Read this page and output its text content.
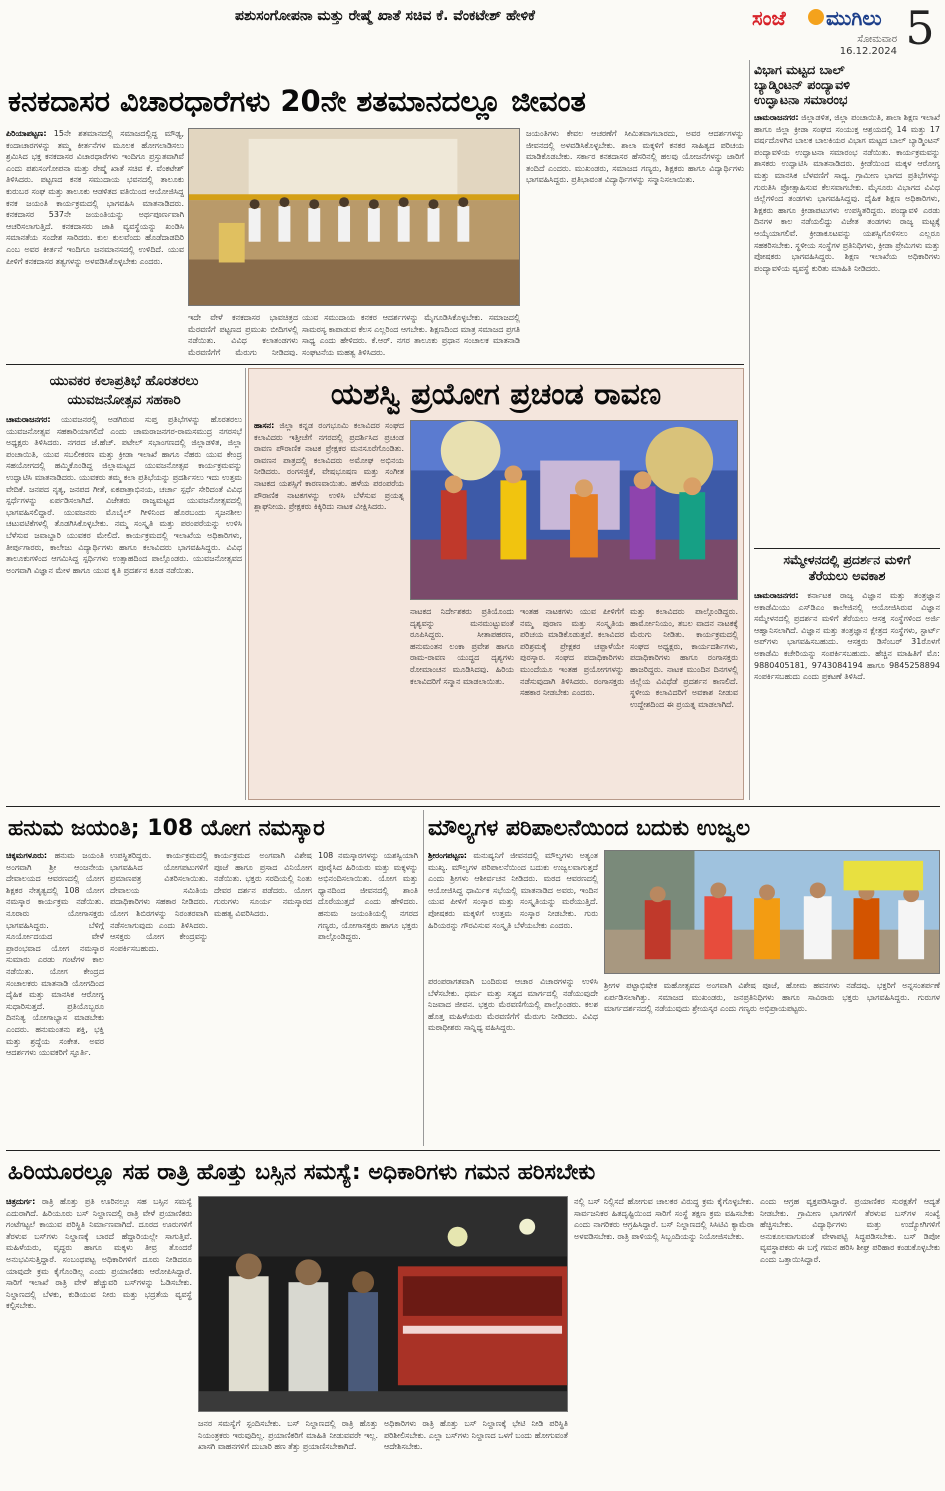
ಪಶುಸಂಗೋಪನಾ ಮತ್ತು ರೇಷ್ಮೆ ಖಾತೆ ಸಚಿವ ಕೆ. ವೆಂಕಟೇಶ್ ಹೇಳಿಕೆ	ಸಂಜೆ ಮುಗಿಲು
ಸೋಮವಾರ
16.12.2024 5
ಕನಕದಾಸರ ವಿಚಾರಧಾರೆಗಳು 20ನೇ ಶತಮಾನದಲ್ಲೂ ಜೀವಂತ
ಪಿರಿಯಾಪಟ್ಟಣ: 15ನೇ ಶತಮಾನದಲ್ಲಿ ಸಮಾಜದಲ್ಲಿದ್ದ ಮೌಢ್ಯ, ಕಂದಾಚಾರಗಳನ್ನು ತಮ್ಮ ಕೀರ್ತನೆಗಳ ಮೂಲಕ ಹೋಗಲಾಡಿಸಲು ಶ್ರಮಿಸಿದ ಭಕ್ತ ಕನಕದಾಸರ ವಿಚಾರಧಾರೆಗಳು ಇಂದಿಗೂ ಪ್ರಸ್ತುತವಾಗಿವೆ ಎಂದು ಪಶುಸಂಗೋಪನಾ ಮತ್ತು ರೇಷ್ಮೆ ಖಾತೆ ಸಚಿವ ಕೆ. ವೆಂಕಟೇಶ್ ತಿಳಿಸಿದರು. ಪಟ್ಟಣದ ಕನಕ ಸಮುದಾಯ ಭವನದಲ್ಲಿ ತಾಲೂಕು ಕುರುಬರ ಸಂಘ ಮತ್ತು ತಾಲೂಕು ಆಡಳಿತದ ವತಿಯಿಂದ ಆಯೋಜಿಸಿದ್ದ ಕನಕ ಜಯಂತಿ ಕಾರ್ಯಕ್ರಮದಲ್ಲಿ ಭಾಗವಹಿಸಿ ಮಾತನಾಡಿದರು. ಕನಕದಾಸರ 537ನೇ ಜಯಂತಿಯನ್ನು ಅರ್ಥಪೂರ್ಣವಾಗಿ ಆಚರಿಸಲಾಗುತ್ತಿದೆ. ಕನಕದಾಸರು ಜಾತಿ ವ್ಯವಸ್ಥೆಯನ್ನು ಖಂಡಿಸಿ ಸಮಾನತೆಯ ಸಂದೇಶ ಸಾರಿದರು. ಕುಲ ಕುಲವೆಂದು ಹೊಡೆದಾಡದಿರಿ ಎಂಬ ಅವರ ಕೀರ್ತನೆ ಇಂದಿಗೂ ಜನಮಾನಸದಲ್ಲಿ ಉಳಿದಿದೆ. ಯುವ ಪೀಳಿಗೆ ಕನಕದಾಸರ ತತ್ವಗಳನ್ನು ಅಳವಡಿಸಿಕೊಳ್ಳಬೇಕು ಎಂದರು.
ಇದೇ ವೇಳೆ ಕನಕದಾಸರ ಭಾವಚಿತ್ರದ ಮೆರವಣಿಗೆ ಪಟ್ಟಣದ ಪ್ರಮುಖ ಬೀದಿಗಳಲ್ಲಿ ನಡೆಯಿತು. ವಿವಿಧ ಕಲಾತಂಡಗಳು ಮೆರವಣಿಗೆಗೆ ಮೆರುಗು ನೀಡಿದವು.
ಯುವ ಸಮುದಾಯ ಕನಕರ ಆದರ್ಶಗಳನ್ನು ಮೈಗೂಡಿಸಿಕೊಳ್ಳಬೇಕು. ಸಮಾಜದಲ್ಲಿ ಸಾಮರಸ್ಯ ಕಾಪಾಡುವ ಕೆಲಸ ಎಲ್ಲರಿಂದ ಆಗಬೇಕು. ಶಿಕ್ಷಣದಿಂದ ಮಾತ್ರ ಸಮಾಜದ ಪ್ರಗತಿ ಸಾಧ್ಯ ಎಂದು ಹೇಳಿದರು. ಕೆ.ಆರ್. ನಗರ ತಾಲೂಕು ಪ್ರಧಾನ ಸಂಚಾಲಕ ಮಾತನಾಡಿ ಸಂಘಟನೆಯ ಮಹತ್ವ ತಿಳಿಸಿದರು.
ಜಯಂತಿಗಳು ಕೇವಲ ಆಚರಣೆಗೆ ಸೀಮಿತವಾಗಬಾರದು, ಅವರ ಆದರ್ಶಗಳನ್ನು ಜೀವನದಲ್ಲಿ ಅಳವಡಿಸಿಕೊಳ್ಳಬೇಕು. ಶಾಲಾ ಮಕ್ಕಳಿಗೆ ಕನಕರ ಸಾಹಿತ್ಯದ ಪರಿಚಯ ಮಾಡಿಕೊಡಬೇಕು. ಸರ್ಕಾರ ಕನಕದಾಸರ ಹೆಸರಿನಲ್ಲಿ ಹಲವು ಯೋಜನೆಗಳನ್ನು ಜಾರಿಗೆ ತಂದಿದೆ ಎಂದರು. ಮುಖಂಡರು, ಸಮಾಜದ ಗಣ್ಯರು, ಶಿಕ್ಷಕರು ಹಾಗೂ ವಿದ್ಯಾರ್ಥಿಗಳು ಭಾಗವಹಿಸಿದ್ದರು. ಪ್ರತಿಭಾವಂತ ವಿದ್ಯಾರ್ಥಿಗಳನ್ನು ಸನ್ಮಾನಿಸಲಾಯಿತು.
ವಿಭಾಗ ಮಟ್ಟದ ಬಾಲ್
ಬ್ಯಾಡ್ಮಿಂಟನ್ ಪಂದ್ಯಾವಳಿ
ಉದ್ಘಾಟನಾ ಸಮಾರಂಭ
ಚಾಮರಾಜನಗರ: ಜಿಲ್ಲಾಡಳಿತ, ಜಿಲ್ಲಾ ಪಂಚಾಯಿತಿ, ಶಾಲಾ ಶಿಕ್ಷಣ ಇಲಾಖೆ ಹಾಗೂ ಜಿಲ್ಲಾ ಕ್ರೀಡಾ ಸಂಘದ ಸಂಯುಕ್ತ ಆಶ್ರಯದಲ್ಲಿ 14 ಮತ್ತು 17 ವರ್ಷದೊಳಗಿನ ಬಾಲಕ ಬಾಲಕಿಯರ ವಿಭಾಗ ಮಟ್ಟದ ಬಾಲ್ ಬ್ಯಾಡ್ಮಿಂಟನ್ ಪಂದ್ಯಾವಳಿಯ ಉದ್ಘಾಟನಾ ಸಮಾರಂಭ ನಡೆಯಿತು. ಕಾರ್ಯಕ್ರಮವನ್ನು ಶಾಸಕರು ಉದ್ಘಾಟಿಸಿ ಮಾತನಾಡಿದರು. ಕ್ರೀಡೆಯಿಂದ ಮಕ್ಕಳ ಆರೋಗ್ಯ ಮತ್ತು ಮಾನಸಿಕ ಬೆಳವಣಿಗೆ ಸಾಧ್ಯ. ಗ್ರಾಮೀಣ ಭಾಗದ ಪ್ರತಿಭೆಗಳನ್ನು ಗುರುತಿಸಿ ಪ್ರೋತ್ಸಾಹಿಸುವ ಕೆಲಸವಾಗಬೇಕು. ಮೈಸೂರು ವಿಭಾಗದ ವಿವಿಧ ಜಿಲ್ಲೆಗಳಿಂದ ತಂಡಗಳು ಭಾಗವಹಿಸಿದ್ದವು. ದೈಹಿಕ ಶಿಕ್ಷಣ ಅಧಿಕಾರಿಗಳು, ಶಿಕ್ಷಕರು ಹಾಗೂ ಕ್ರೀಡಾಪಟುಗಳು ಉಪಸ್ಥಿತರಿದ್ದರು. ಪಂದ್ಯಾವಳಿ ಎರಡು ದಿನಗಳ ಕಾಲ ನಡೆಯಲಿದ್ದು ವಿಜೇತ ತಂಡಗಳು ರಾಜ್ಯ ಮಟ್ಟಕ್ಕೆ ಆಯ್ಕೆಯಾಗಲಿವೆ. ಕ್ರೀಡಾಕೂಟವನ್ನು ಯಶಸ್ವಿಗೊಳಿಸಲು ಎಲ್ಲರೂ ಸಹಕರಿಸಬೇಕು. ಸ್ಥಳೀಯ ಸಂಸ್ಥೆಗಳ ಪ್ರತಿನಿಧಿಗಳು, ಕ್ರೀಡಾ ಪ್ರೇಮಿಗಳು ಮತ್ತು ಪೋಷಕರು ಭಾಗವಹಿಸಿದ್ದರು. ಶಿಕ್ಷಣ ಇಲಾಖೆಯ ಅಧಿಕಾರಿಗಳು ಪಂದ್ಯಾವಳಿಯ ವ್ಯವಸ್ಥೆ ಕುರಿತು ಮಾಹಿತಿ ನೀಡಿದರು.
ಸಮ್ಮೇಳನದಲ್ಲಿ ಪ್ರದರ್ಶನ ಮಳಿಗೆ
ತೆರೆಯಲು ಅವಕಾಶ
ಚಾಮರಾಜನಗರ: ಕರ್ನಾಟಕ ರಾಜ್ಯ ವಿಜ್ಞಾನ ಮತ್ತು ತಂತ್ರಜ್ಞಾನ ಅಕಾಡೆಮಿಯು ಎಸ್‌ಡಿಎಂ ಕಾಲೇಜಿನಲ್ಲಿ ಆಯೋಜಿಸಿರುವ ವಿಜ್ಞಾನ ಸಮ್ಮೇಳನದಲ್ಲಿ ಪ್ರದರ್ಶನ ಮಳಿಗೆ ತೆರೆಯಲು ಆಸಕ್ತ ಸಂಸ್ಥೆಗಳಿಂದ ಅರ್ಜಿ ಆಹ್ವಾನಿಸಲಾಗಿದೆ. ವಿಜ್ಞಾನ ಮತ್ತು ತಂತ್ರಜ್ಞಾನ ಕ್ಷೇತ್ರದ ಸಂಸ್ಥೆಗಳು, ಸ್ಟಾರ್ಟ್ ಅಪ್‌ಗಳು ಭಾಗವಹಿಸಬಹುದು. ಆಸಕ್ತರು ಡಿಸೆಂಬರ್ 31ರೊಳಗೆ ಅಕಾಡೆಮಿ ಕಚೇರಿಯನ್ನು ಸಂಪರ್ಕಿಸಬಹುದು. ಹೆಚ್ಚಿನ ಮಾಹಿತಿಗೆ ಮೊ: 9880405181, 9743084194 ಹಾಗೂ 9845258894 ಸಂಪರ್ಕಿಸಬಹುದು ಎಂದು ಪ್ರಕಟಣೆ ತಿಳಿಸಿದೆ.
ಯುವಕರ ಕಲಾಪ್ರತಿಭೆ ಹೊರತರಲು
ಯುವಜನೋತ್ಸವ ಸಹಕಾರಿ
ಚಾಮರಾಜನಗರ: ಯುವಜನರಲ್ಲಿ ಅಡಗಿರುವ ಸುಪ್ತ ಪ್ರತಿಭೆಗಳನ್ನು ಹೊರತರಲು ಯುವಜನೋತ್ಸವ ಸಹಕಾರಿಯಾಗಲಿದೆ ಎಂದು ಚಾಮರಾಜನಗರ-ರಾಮಸಮುದ್ರ ನಗರಸಭೆ ಅಧ್ಯಕ್ಷರು ತಿಳಿಸಿದರು. ನಗರದ ಜೆ.ಹೆಚ್. ಪಟೇಲ್ ಸಭಾಂಗಣದಲ್ಲಿ ಜಿಲ್ಲಾಡಳಿತ, ಜಿಲ್ಲಾ ಪಂಚಾಯಿತಿ, ಯುವ ಸಬಲೀಕರಣ ಮತ್ತು ಕ್ರೀಡಾ ಇಲಾಖೆ ಹಾಗೂ ನೆಹರು ಯುವ ಕೇಂದ್ರ ಸಹಯೋಗದಲ್ಲಿ ಹಮ್ಮಿಕೊಂಡಿದ್ದ ಜಿಲ್ಲಾಮಟ್ಟದ ಯುವಜನೋತ್ಸವ ಕಾರ್ಯಕ್ರಮವನ್ನು ಉದ್ಘಾಟಿಸಿ ಮಾತನಾಡಿದರು. ಯುವಕರು ತಮ್ಮ ಕಲಾ ಪ್ರತಿಭೆಯನ್ನು ಪ್ರದರ್ಶಿಸಲು ಇದು ಉತ್ತಮ ವೇದಿಕೆ. ಜನಪದ ನೃತ್ಯ, ಜನಪದ ಗೀತೆ, ಏಕಪಾತ್ರಾಭಿನಯ, ಚರ್ಚಾ ಸ್ಪರ್ಧೆ ಸೇರಿದಂತೆ ವಿವಿಧ ಸ್ಪರ್ಧೆಗಳನ್ನು ಏರ್ಪಡಿಸಲಾಗಿದೆ. ವಿಜೇತರು ರಾಜ್ಯಮಟ್ಟದ ಯುವಜನೋತ್ಸವದಲ್ಲಿ ಭಾಗವಹಿಸಲಿದ್ದಾರೆ. ಯುವಜನರು ಮೊಬೈಲ್ ಗೀಳಿನಿಂದ ಹೊರಬಂದು ಸೃಜನಶೀಲ ಚಟುವಟಿಕೆಗಳಲ್ಲಿ ತೊಡಗಿಸಿಕೊಳ್ಳಬೇಕು. ನಮ್ಮ ಸಂಸ್ಕೃತಿ ಮತ್ತು ಪರಂಪರೆಯನ್ನು ಉಳಿಸಿ ಬೆಳೆಸುವ ಜವಾಬ್ದಾರಿ ಯುವಕರ ಮೇಲಿದೆ. ಕಾರ್ಯಕ್ರಮದಲ್ಲಿ ಇಲಾಖೆಯ ಅಧಿಕಾರಿಗಳು, ತೀರ್ಪುಗಾರರು, ಕಾಲೇಜು ವಿದ್ಯಾರ್ಥಿಗಳು ಹಾಗೂ ಕಲಾವಿದರು ಭಾಗವಹಿಸಿದ್ದರು. ವಿವಿಧ ತಾಲೂಕುಗಳಿಂದ ಆಗಮಿಸಿದ್ದ ಸ್ಪರ್ಧಿಗಳು ಉತ್ಸಾಹದಿಂದ ಪಾಲ್ಗೊಂಡರು. ಯುವಜನೋತ್ಸವದ ಅಂಗವಾಗಿ ವಿಜ್ಞಾನ ಮೇಳ ಹಾಗೂ ಯುವ ಕೃತಿ ಪ್ರದರ್ಶನ ಕೂಡ ನಡೆಯಿತು.
ಯಶಸ್ವಿ ಪ್ರಯೋಗ ಪ್ರಚಂಡ ರಾವಣ
ಹಾಸನ: ಜಿಲ್ಲಾ ಕನ್ನಡ ರಂಗಭೂಮಿ ಕಲಾವಿದರ ಸಂಘದ ಕಲಾವಿದರು ಇತ್ತೀಚೆಗೆ ನಗರದಲ್ಲಿ ಪ್ರದರ್ಶಿಸಿದ ಪ್ರಚಂಡ ರಾವಣ ಪೌರಾಣಿಕ ನಾಟಕ ಪ್ರೇಕ್ಷಕರ ಮನಸೂರೆಗೊಂಡಿತು. ರಾವಣನ ಪಾತ್ರದಲ್ಲಿ ಕಲಾವಿದರು ಅಮೋಘ ಅಭಿನಯ ನೀಡಿದರು. ರಂಗಸಜ್ಜಿಕೆ, ವೇಷಭೂಷಣ ಮತ್ತು ಸಂಗೀತ ನಾಟಕದ ಯಶಸ್ಸಿಗೆ ಕಾರಣವಾಯಿತು. ಹಳೆಯ ಪರಂಪರೆಯ ಪೌರಾಣಿಕ ನಾಟಕಗಳನ್ನು ಉಳಿಸಿ ಬೆಳೆಸುವ ಪ್ರಯತ್ನ ಶ್ಲಾಘನೀಯ. ಪ್ರೇಕ್ಷಕರು ಕಿಕ್ಕಿರಿದು ನಾಟಕ ವೀಕ್ಷಿಸಿದರು.
ನಾಟಕದ ನಿರ್ದೇಶಕರು ಪ್ರತಿಯೊಂದು ದೃಶ್ಯವನ್ನು ಮನಮುಟ್ಟುವಂತೆ ರೂಪಿಸಿದ್ದರು. ಸೀತಾಪಹರಣ, ಹನುಮಂತನ ಲಂಕಾ ಪ್ರವೇಶ ಹಾಗೂ ರಾಮ-ರಾವಣ ಯುದ್ಧದ ದೃಶ್ಯಗಳು ರೋಮಾಂಚನ ಮೂಡಿಸಿದವು. ಹಿರಿಯ ಕಲಾವಿದರಿಗೆ ಸನ್ಮಾನ ಮಾಡಲಾಯಿತು.
ಇಂತಹ ನಾಟಕಗಳು ಯುವ ಪೀಳಿಗೆಗೆ ನಮ್ಮ ಪುರಾಣ ಮತ್ತು ಸಂಸ್ಕೃತಿಯ ಪರಿಚಯ ಮಾಡಿಕೊಡುತ್ತವೆ. ಕಲಾವಿದರ ಪರಿಶ್ರಮಕ್ಕೆ ಪ್ರೇಕ್ಷಕರ ಚಪ್ಪಾಳೆಯೇ ಪುರಸ್ಕಾರ. ಸಂಘದ ಪದಾಧಿಕಾರಿಗಳು ಮುಂದೆಯೂ ಇಂತಹ ಪ್ರಯೋಗಗಳನ್ನು ನಡೆಸುವುದಾಗಿ ತಿಳಿಸಿದರು. ರಂಗಾಸಕ್ತರು ಸಹಕಾರ ನೀಡಬೇಕು ಎಂದರು.
ಮತ್ತು ಕಲಾವಿದರು ಪಾಲ್ಗೊಂಡಿದ್ದರು. ಹಾರ್ಮೋನಿಯಂ, ತಬಲ ವಾದನ ನಾಟಕಕ್ಕೆ ಮೆರುಗು ನೀಡಿತು. ಕಾರ್ಯಕ್ರಮದಲ್ಲಿ ಸಂಘದ ಅಧ್ಯಕ್ಷರು, ಕಾರ್ಯದರ್ಶಿಗಳು, ಪದಾಧಿಕಾರಿಗಳು ಹಾಗೂ ರಂಗಾಸಕ್ತರು ಹಾಜರಿದ್ದರು. ನಾಟಕ ಮುಂದಿನ ದಿನಗಳಲ್ಲಿ ಜಿಲ್ಲೆಯ ವಿವಿಧೆಡೆ ಪ್ರದರ್ಶನ ಕಾಣಲಿದೆ. ಸ್ಥಳೀಯ ಕಲಾವಿದರಿಗೆ ಅವಕಾಶ ನೀಡುವ ಉದ್ದೇಶದಿಂದ ಈ ಪ್ರಯತ್ನ ಮಾಡಲಾಗಿದೆ.
ಹನುಮ ಜಯಂತಿ; 108 ಯೋಗ ನಮಸ್ಕಾರ
ಚಿಕ್ಕಮಗಳೂರು: ಹನುಮ ಜಯಂತಿ ಅಂಗವಾಗಿ ಶ್ರೀ ಆಂಜನೇಯ ದೇವಾಲಯದ ಆವರಣದಲ್ಲಿ ಯೋಗ ಶಿಕ್ಷಕರ ನೇತೃತ್ವದಲ್ಲಿ 108 ಯೋಗ ನಮಸ್ಕಾರ ಕಾರ್ಯಕ್ರಮ ನಡೆಯಿತು. ನೂರಾರು ಯೋಗಾಸಕ್ತರು ಭಾಗವಹಿಸಿದ್ದರು. ಬೆಳಿಗ್ಗೆ ಸೂರ್ಯೋದಯದ ವೇಳೆ ಪ್ರಾರಂಭವಾದ ಯೋಗ ನಮಸ್ಕಾರ ಸುಮಾರು ಎರಡು ಗಂಟೆಗಳ ಕಾಲ ನಡೆಯಿತು. ಯೋಗ ಕೇಂದ್ರದ ಸಂಚಾಲಕರು ಮಾತನಾಡಿ ಯೋಗದಿಂದ ದೈಹಿಕ ಮತ್ತು ಮಾನಸಿಕ ಆರೋಗ್ಯ ಸುಧಾರಿಸುತ್ತದೆ. ಪ್ರತಿಯೊಬ್ಬರೂ ದಿನನಿತ್ಯ ಯೋಗಾಭ್ಯಾಸ ಮಾಡಬೇಕು ಎಂದರು. ಹನುಮಂತನು ಶಕ್ತಿ, ಭಕ್ತಿ ಮತ್ತು ಶ್ರದ್ಧೆಯ ಸಂಕೇತ. ಅವರ ಆದರ್ಶಗಳು ಯುವಕರಿಗೆ ಸ್ಫೂರ್ತಿ.
ಉಪಸ್ಥಿತರಿದ್ದರು. ಕಾರ್ಯಕ್ರಮದಲ್ಲಿ ಭಾಗವಹಿಸಿದ ಯೋಗಪಟುಗಳಿಗೆ ಪ್ರಮಾಣಪತ್ರ ವಿತರಿಸಲಾಯಿತು. ದೇವಾಲಯ ಸಮಿತಿಯ ಪದಾಧಿಕಾರಿಗಳು ಸಹಕಾರ ನೀಡಿದರು. ಯೋಗ ಶಿಬಿರಗಳನ್ನು ನಿರಂತರವಾಗಿ ನಡೆಸಲಾಗುವುದು ಎಂದು ತಿಳಿಸಿದರು. ಆಸಕ್ತರು ಯೋಗ ಕೇಂದ್ರವನ್ನು ಸಂಪರ್ಕಿಸಬಹುದು.
ಕಾರ್ಯಕ್ರಮದ ಅಂಗವಾಗಿ ವಿಶೇಷ ಪೂಜೆ ಹಾಗೂ ಪ್ರಸಾದ ವಿನಿಯೋಗ ನಡೆಯಿತು. ಭಕ್ತರು ಸರದಿಯಲ್ಲಿ ನಿಂತು ದೇವರ ದರ್ಶನ ಪಡೆದರು. ಯೋಗ ಗುರುಗಳು ಸೂರ್ಯ ನಮಸ್ಕಾರದ ಮಹತ್ವ ವಿವರಿಸಿದರು.
108 ನಮಸ್ಕಾರಗಳನ್ನು ಯಶಸ್ವಿಯಾಗಿ ಪೂರೈಸಿದ ಹಿರಿಯರು ಮತ್ತು ಮಕ್ಕಳನ್ನು ಅಭಿನಂದಿಸಲಾಯಿತು. ಯೋಗ ಮತ್ತು ಧ್ಯಾನದಿಂದ ಜೀವನದಲ್ಲಿ ಶಾಂತಿ ದೊರೆಯುತ್ತದೆ ಎಂದು ಹೇಳಿದರು. ಹನುಮ ಜಯಂತಿಯಲ್ಲಿ ನಗರದ ಗಣ್ಯರು, ಯೋಗಾಸಕ್ತರು ಹಾಗೂ ಭಕ್ತರು ಪಾಲ್ಗೊಂಡಿದ್ದರು.
ಮೌಲ್ಯಗಳ ಪರಿಪಾಲನೆಯಿಂದ ಬದುಕು ಉಜ್ವಲ
ಶ್ರೀರಂಗಪಟ್ಟಣ: ಮನುಷ್ಯನಿಗೆ ಜೀವನದಲ್ಲಿ ಮೌಲ್ಯಗಳು ಅತ್ಯಂತ ಮುಖ್ಯ. ಮೌಲ್ಯಗಳ ಪರಿಪಾಲನೆಯಿಂದ ಬದುಕು ಉಜ್ವಲವಾಗುತ್ತದೆ ಎಂದು ಶ್ರೀಗಳು ಆಶೀರ್ವಚನ ನೀಡಿದರು. ಮಠದ ಆವರಣದಲ್ಲಿ ಆಯೋಜಿಸಿದ್ದ ಧಾರ್ಮಿಕ ಸಭೆಯಲ್ಲಿ ಮಾತನಾಡಿದ ಅವರು, ಇಂದಿನ ಯುವ ಪೀಳಿಗೆ ಸಂಸ್ಕಾರ ಮತ್ತು ಸಂಸ್ಕೃತಿಯನ್ನು ಮರೆಯುತ್ತಿದೆ. ಪೋಷಕರು ಮಕ್ಕಳಿಗೆ ಉತ್ತಮ ಸಂಸ್ಕಾರ ನೀಡಬೇಕು. ಗುರು ಹಿರಿಯರನ್ನು ಗೌರವಿಸುವ ಸಂಸ್ಕೃತಿ ಬೆಳೆಯಬೇಕು ಎಂದರು.
ಪರಂಪರಾಗತವಾಗಿ ಬಂದಿರುವ ಆಚಾರ ವಿಚಾರಗಳನ್ನು ಉಳಿಸಿ ಬೆಳೆಸಬೇಕು. ಧರ್ಮ ಮತ್ತು ಸತ್ಯದ ಮಾರ್ಗದಲ್ಲಿ ನಡೆಯುವುದೇ ನಿಜವಾದ ಜೀವನ. ಭಕ್ತರು ಮೆರವಣಿಗೆಯಲ್ಲಿ ಪಾಲ್ಗೊಂಡರು. ಕಲಶ ಹೊತ್ತ ಮಹಿಳೆಯರು ಮೆರವಣಿಗೆಗೆ ಮೆರುಗು ನೀಡಿದರು. ವಿವಿಧ ಮಠಾಧೀಶರು ಸಾನ್ನಿಧ್ಯ ವಹಿಸಿದ್ದರು.
ಶ್ರೀಗಳ ಪಟ್ಟಾಭಿಷೇಕ ಮಹೋತ್ಸವದ ಅಂಗವಾಗಿ ವಿಶೇಷ ಪೂಜೆ, ಹೋಮ ಹವನಗಳು ನಡೆದವು. ಭಕ್ತರಿಗೆ ಅನ್ನಸಂತರ್ಪಣೆ ಏರ್ಪಡಿಸಲಾಗಿತ್ತು. ಸಮಾಜದ ಮುಖಂಡರು, ಜನಪ್ರತಿನಿಧಿಗಳು ಹಾಗೂ ಸಾವಿರಾರು ಭಕ್ತರು ಭಾಗವಹಿಸಿದ್ದರು. ಗುರುಗಳ ಮಾರ್ಗದರ್ಶನದಲ್ಲಿ ನಡೆಯುವುದು ಶ್ರೇಯಸ್ಕರ ಎಂದು ಗಣ್ಯರು ಅಭಿಪ್ರಾಯಪಟ್ಟರು.
ಹಿರಿಯೂರಲ್ಲೂ ಸಹ ರಾತ್ರಿ ಹೊತ್ತು ಬಸ್ಸಿನ ಸಮಸ್ಯೆ: ಅಧಿಕಾರಿಗಳು ಗಮನ ಹರಿಸಬೇಕು
ಚಿತ್ರದುರ್ಗ: ರಾತ್ರಿ ಹೊತ್ತು ಪ್ರತಿ ಊರಿನಲ್ಲೂ ಸಹ ಬಸ್ಸಿನ ಸಮಸ್ಯೆ ಎದುರಾಗಿದೆ. ಹಿರಿಯೂರು ಬಸ್ ನಿಲ್ದಾಣದಲ್ಲಿ ರಾತ್ರಿ ವೇಳೆ ಪ್ರಯಾಣಿಕರು ಗಂಟೆಗಟ್ಟಲೆ ಕಾಯುವ ಪರಿಸ್ಥಿತಿ ನಿರ್ಮಾಣವಾಗಿದೆ. ದೂರದ ಊರುಗಳಿಗೆ ತೆರಳುವ ಬಸ್‌ಗಳು ನಿಲ್ದಾಣಕ್ಕೆ ಬಾರದೆ ಹೆದ್ದಾರಿಯಲ್ಲೇ ಸಾಗುತ್ತಿವೆ. ಮಹಿಳೆಯರು, ವೃದ್ಧರು ಹಾಗೂ ಮಕ್ಕಳು ತೀವ್ರ ತೊಂದರೆ ಅನುಭವಿಸುತ್ತಿದ್ದಾರೆ. ಸಂಬಂಧಪಟ್ಟ ಅಧಿಕಾರಿಗಳಿಗೆ ದೂರು ನೀಡಿದರೂ ಯಾವುದೇ ಕ್ರಮ ಕೈಗೊಂಡಿಲ್ಲ ಎಂದು ಪ್ರಯಾಣಿಕರು ಆರೋಪಿಸಿದ್ದಾರೆ. ಸಾರಿಗೆ ಇಲಾಖೆ ರಾತ್ರಿ ವೇಳೆ ಹೆಚ್ಚುವರಿ ಬಸ್‌ಗಳನ್ನು ಓಡಿಸಬೇಕು. ನಿಲ್ದಾಣದಲ್ಲಿ ಬೆಳಕು, ಕುಡಿಯುವ ನೀರು ಮತ್ತು ಭದ್ರತೆಯ ವ್ಯವಸ್ಥೆ ಕಲ್ಪಿಸಬೇಕು.
ಜನರ ಸಮಸ್ಯೆಗೆ ಸ್ಪಂದಿಸಬೇಕು. ಬಸ್ ನಿಲ್ದಾಣದಲ್ಲಿ ರಾತ್ರಿ ಹೊತ್ತು ನಿಯಂತ್ರಕರು ಇರುವುದಿಲ್ಲ. ಪ್ರಯಾಣಿಕರಿಗೆ ಮಾಹಿತಿ ನೀಡುವವರೇ ಇಲ್ಲ. ಖಾಸಗಿ ವಾಹನಗಳಿಗೆ ದುಬಾರಿ ಹಣ ತೆತ್ತು ಪ್ರಯಾಣಿಸಬೇಕಾಗಿದೆ.
ಅಧಿಕಾರಿಗಳು ರಾತ್ರಿ ಹೊತ್ತು ಬಸ್ ನಿಲ್ದಾಣಕ್ಕೆ ಭೇಟಿ ನೀಡಿ ಪರಿಸ್ಥಿತಿ ಪರಿಶೀಲಿಸಬೇಕು. ಎಲ್ಲಾ ಬಸ್‌ಗಳು ನಿಲ್ದಾಣದ ಒಳಗೆ ಬಂದು ಹೋಗುವಂತೆ ಆದೇಶಿಸಬೇಕು.
ನಲ್ಲಿ ಬಸ್ ನಿಲ್ಲಿಸದೆ ಹೋಗುವ ಚಾಲಕರ ವಿರುದ್ಧ ಕ್ರಮ ಕೈಗೊಳ್ಳಬೇಕು. ಸಾರ್ವಜನಿಕರ ಹಿತದೃಷ್ಟಿಯಿಂದ ಸಾರಿಗೆ ಸಂಸ್ಥೆ ತಕ್ಷಣ ಕ್ರಮ ವಹಿಸಬೇಕು ಎಂದು ನಾಗರಿಕರು ಆಗ್ರಹಿಸಿದ್ದಾರೆ. ಬಸ್ ನಿಲ್ದಾಣದಲ್ಲಿ ಸಿಸಿಟಿವಿ ಕ್ಯಾಮೆರಾ ಅಳವಡಿಸಬೇಕು. ರಾತ್ರಿ ಪಾಳಿಯಲ್ಲಿ ಸಿಬ್ಬಂದಿಯನ್ನು ನಿಯೋಜಿಸಬೇಕು.
ಎಂದು ಆಗ್ರಹ ವ್ಯಕ್ತಪಡಿಸಿದ್ದಾರೆ. ಪ್ರಯಾಣಿಕರ ಸುರಕ್ಷತೆಗೆ ಆದ್ಯತೆ ನೀಡಬೇಕು. ಗ್ರಾಮೀಣ ಭಾಗಗಳಿಗೆ ತೆರಳುವ ಬಸ್‌ಗಳ ಸಂಖ್ಯೆ ಹೆಚ್ಚಿಸಬೇಕು. ವಿದ್ಯಾರ್ಥಿಗಳು ಮತ್ತು ಉದ್ಯೋಗಿಗಳಿಗೆ ಅನುಕೂಲವಾಗುವಂತೆ ವೇಳಾಪಟ್ಟಿ ಸಿದ್ಧಪಡಿಸಬೇಕು. ಬಸ್ ಡಿಪೋ ವ್ಯವಸ್ಥಾಪಕರು ಈ ಬಗ್ಗೆ ಗಮನ ಹರಿಸಿ ಶೀಘ್ರ ಪರಿಹಾರ ಕಂಡುಕೊಳ್ಳಬೇಕು ಎಂದು ಒತ್ತಾಯಿಸಿದ್ದಾರೆ.
